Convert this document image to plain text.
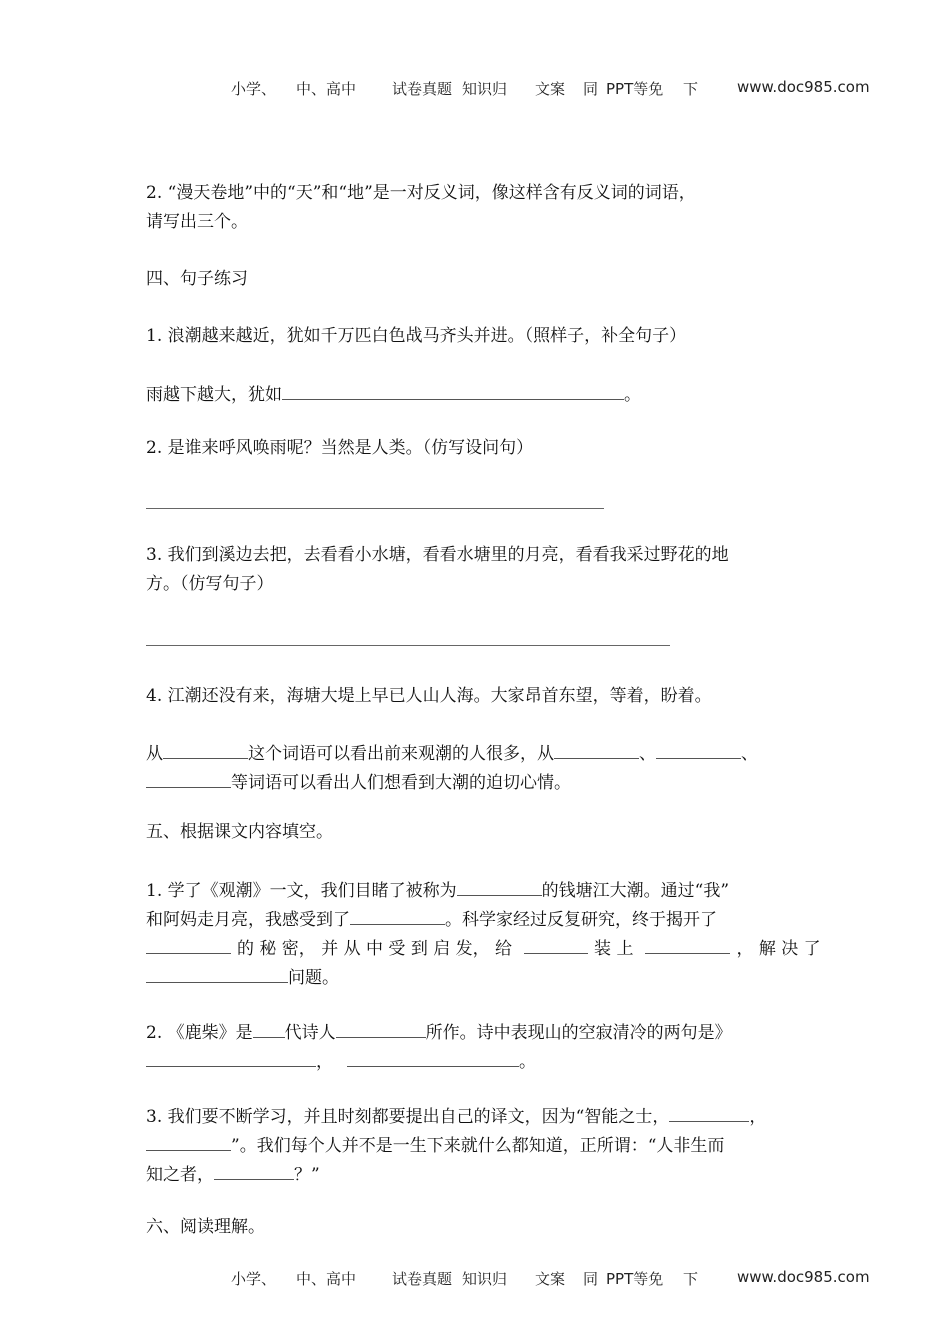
小学、 中、高中 试卷真题 知识归 文案 同 PPT等免 下	www.doc985.com
2. “漫天卷地”中的“天”和“地”是一对反义词，像这样含有反义词的词语，
请写出三个。
四、句子练习
1. 浪潮越来越近，犹如千万匹白色战马齐头并进。（照样子，补全句子）
雨越下越大，犹如	。
2. 是谁来呼风唤雨呢？当然是人类。（仿写设问句）
3. 我们到溪边去把，去看看小水塘，看看水塘里的月亮，看看我采过野花的地
方。（仿写句子）
4. 江潮还没有来，海塘大堤上早已人山人海。大家昂首东望，等着，盼着。
从	这个词语可以看出前来观潮的人很多，从	、	、
等词语可以看出人们想看到大潮的迫切心情。
五、根据课文内容填空。
1. 学了《观潮》一文，我们目睹了被称为	的钱塘江大潮。通过“我”
和阿妈走月亮，我感受到了	。科学家经过反复研究，终于揭开了
的 秘 密， 并 从 中 受 到 启 发， 给	装 上	， 解 决 了
问题。
2. 《鹿柴》是 代诗人	所作。诗中表现山的空寂清冷的两句是》
，	。
3. 我们要不断学习，并且时刻都要提出自己的译文，因为“智能之士，	，
”。我们每个人并不是一生下来就什么都知道，正所谓：“人非生而
知之者，	？”
六、阅读理解。
小学、 中、高中 试卷真题 知识归 文案 同 PPT等免 下	www.doc985.com
